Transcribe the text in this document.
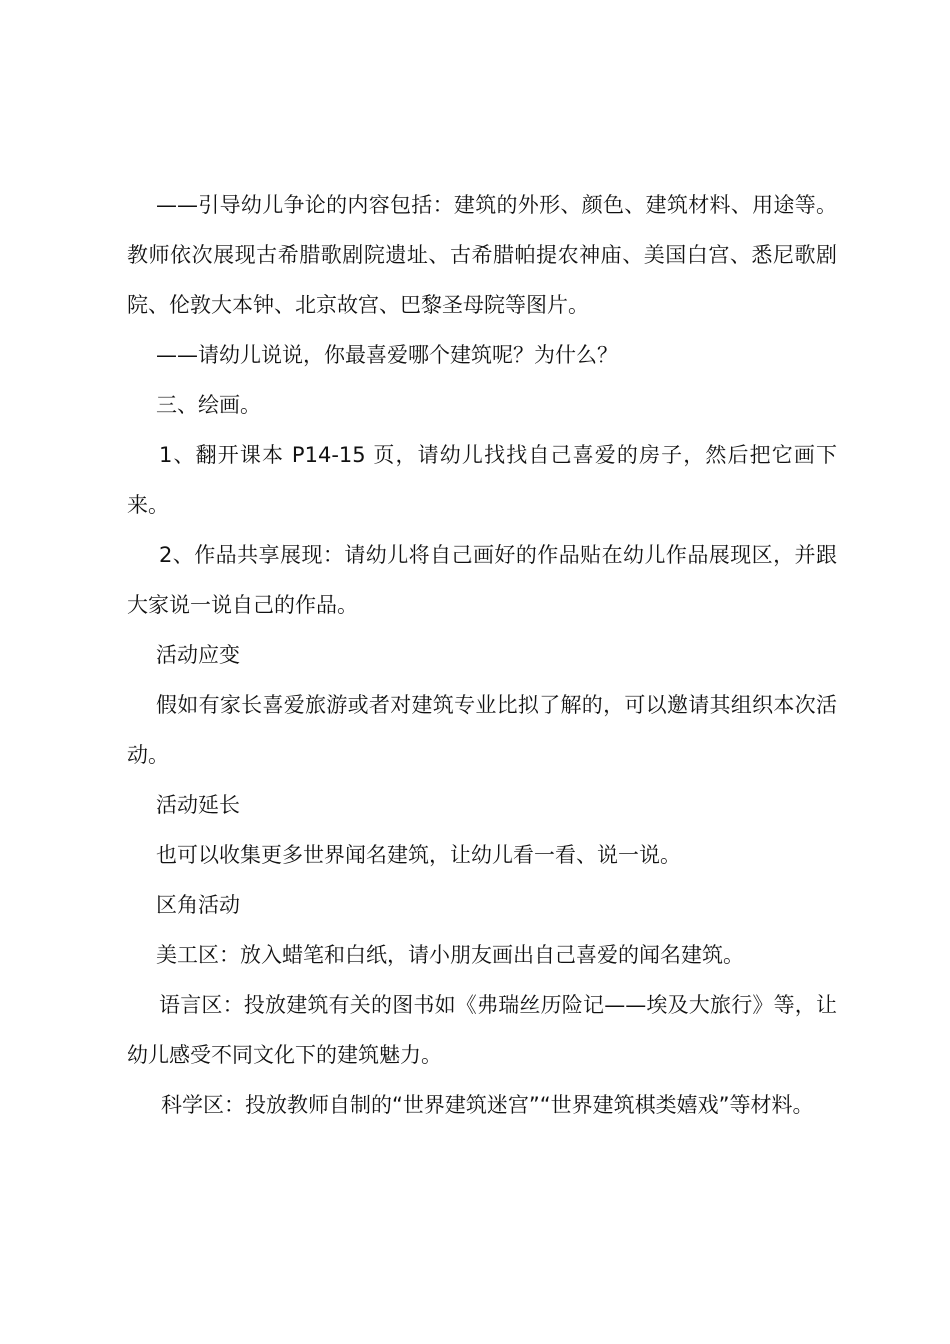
——引导幼儿争论的内容包括：建筑的外形、颜色、建筑材料、用途等。 教师依次展现古希腊歌剧院遗址、古希腊帕提农神庙、美国白宫、悉尼歌剧院、伦敦大本钟、北京故宫、巴黎圣母院等图片。

——请幼儿说说，你最喜爱哪个建筑呢？为什么？

三、绘画。

1、翻开课本 P14-15 页，请幼儿找找自己喜爱的房子，然后把它画下来。

2、作品共享展现：请幼儿将自己画好的作品贴在幼儿作品展现区，并跟大家说一说自己的作品。

活动应变

假如有家长喜爱旅游或者对建筑专业比拟了解的，可以邀请其组织本次活动。

活动延长

也可以收集更多世界闻名建筑，让幼儿看一看、说一说。

区角活动

美工区：放入蜡笔和白纸，请小朋友画出自己喜爱的闻名建筑。

语言区：投放建筑有关的图书如《弗瑞丝历险记——埃及大旅行》等，让幼儿感受不同文化下的建筑魅力。

科学区：投放教师自制的“世界建筑迷宫”“世界建筑棋类嬉戏”等材料。
